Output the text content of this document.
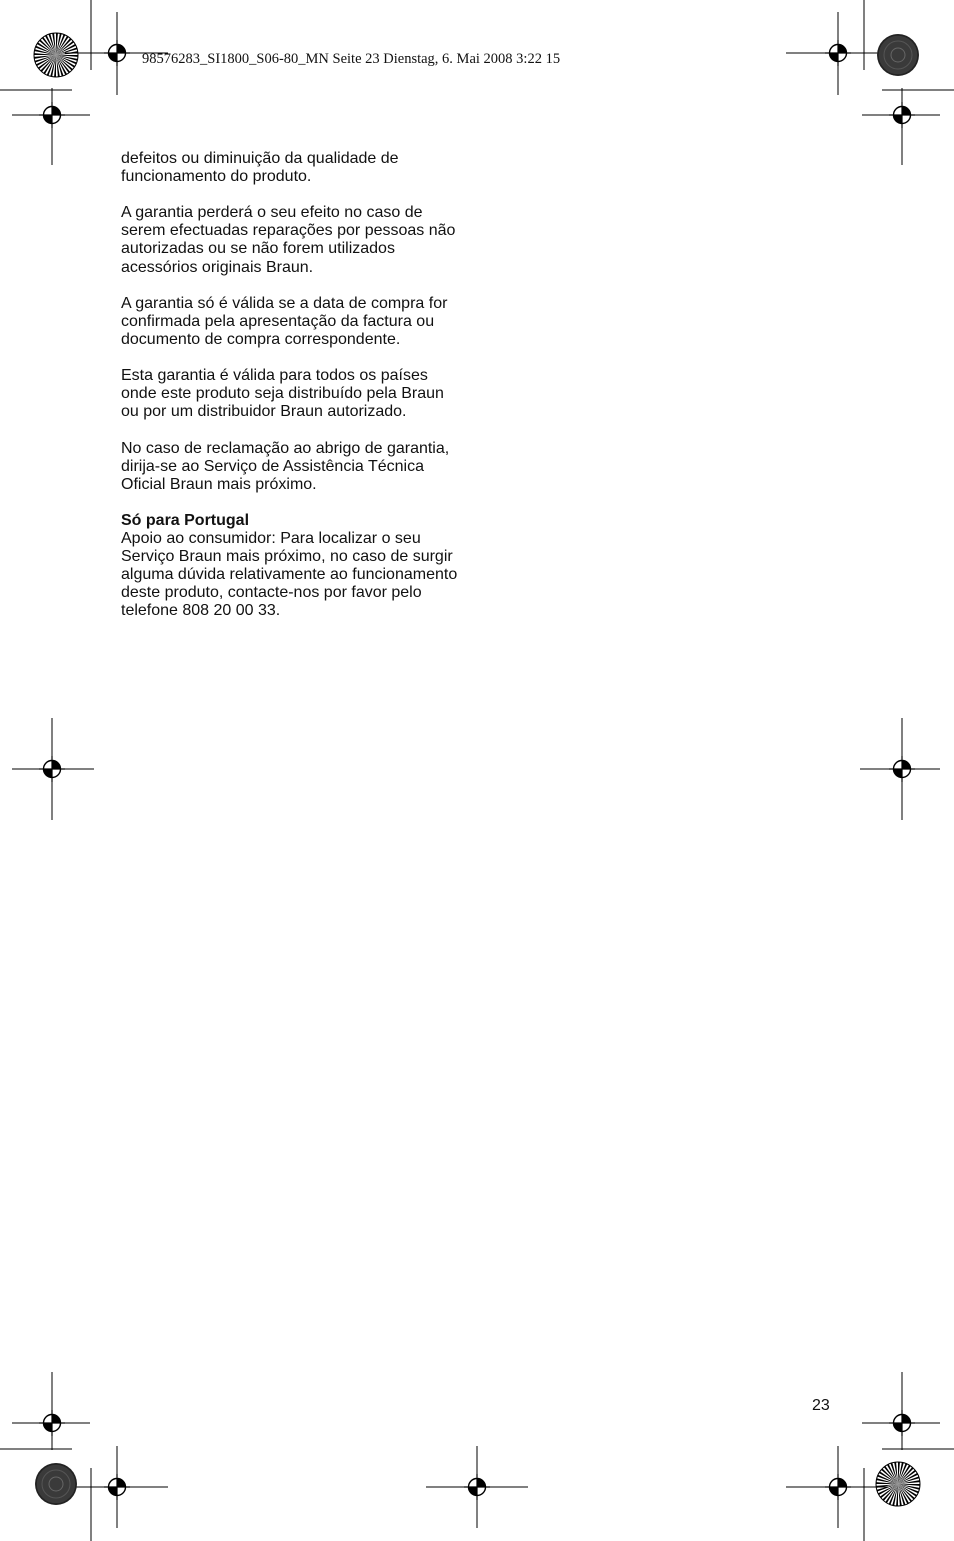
98576283_SI1800_S06-80_MN Seite 23 Dienstag, 6. Mai 2008 3:22 15

defeitos ou diminuição da qualidade de funcionamento do produto.

A garantia perderá o seu efeito no caso de serem efectuadas reparações por pessoas não autorizadas ou se não forem utilizados acessórios originais Braun.

A garantia só é válida se a data de compra for confirmada pela apresentação da factura ou documento de compra correspondente.

Esta garantia é válida para todos os países onde este produto seja distribuído pela Braun ou por um distribuidor Braun autorizado.

No caso de reclamação ao abrigo de garantia, dirija-se ao Serviço de Assistência Técnica Oficial Braun mais próximo.

Só para Portugal
Apoio ao consumidor: Para localizar o seu Serviço Braun mais próximo, no caso de surgir alguma dúvida relativamente ao funcionamento deste produto, contacte-nos por favor pelo telefone 808 20 00 33.

23
